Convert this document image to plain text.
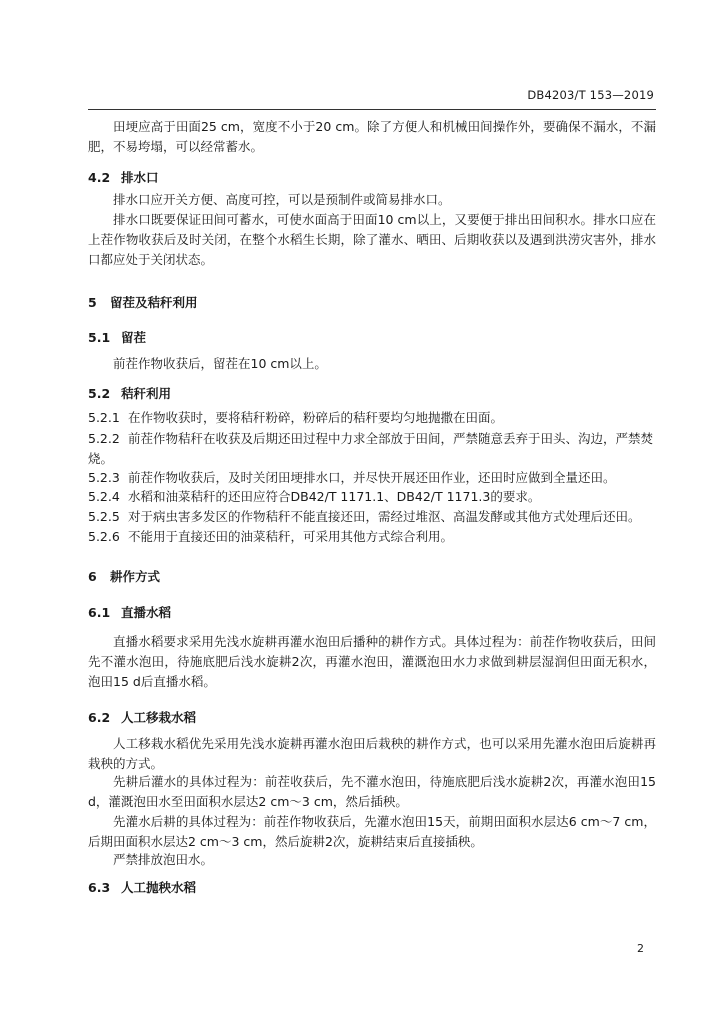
DB4203/T 153—2019
田埂应高于田面25 cm，宽度不小于20 cm。除了方便人和机械田间操作外，要确保不漏水，不漏肥，不易垮塌，可以经常蓄水。
4.2 排水口
排水口应开关方便、高度可控，可以是预制件或简易排水口。
排水口既要保证田间可蓄水，可使水面高于田面10 cm以上，又要便于排出田间积水。排水口应在上茬作物收获后及时关闭，在整个水稻生长期，除了灌水、晒田、后期收获以及遇到洪涝灾害外，排水口都应处于关闭状态。
5 留茬及秸秆利用
5.1 留茬
前茬作物收获后，留茬在10 cm以上。
5.2 秸秆利用
5.2.1 在作物收获时，要将秸秆粉碎，粉碎后的秸秆要均匀地抛撒在田面。
5.2.2 前茬作物秸秆在收获及后期还田过程中力求全部放于田间，严禁随意丢弃于田头、沟边，严禁焚烧。
5.2.3 前茬作物收获后，及时关闭田埂排水口，并尽快开展还田作业，还田时应做到全量还田。
5.2.4 水稻和油菜秸秆的还田应符合DB42/T 1171.1、DB42/T 1171.3的要求。
5.2.5 对于病虫害多发区的作物秸秆不能直接还田，需经过堆沤、高温发酵或其他方式处理后还田。
5.2.6 不能用于直接还田的油菜秸秆，可采用其他方式综合利用。
6 耕作方式
6.1 直播水稻
直播水稻要求采用先浅水旋耕再灌水泡田后播种的耕作方式。具体过程为：前茬作物收获后，田间先不灌水泡田，待施底肥后浅水旋耕2次，再灌水泡田，灌溉泡田水力求做到耕层湿润但田面无积水，泡田15 d后直播水稻。
6.2 人工移栽水稻
人工移栽水稻优先采用先浅水旋耕再灌水泡田后栽秧的耕作方式，也可以采用先灌水泡田后旋耕再栽秧的方式。
先耕后灌水的具体过程为：前茬收获后，先不灌水泡田，待施底肥后浅水旋耕2次，再灌水泡田15 d，灌溉泡田水至田面积水层达2 cm～3 cm，然后插秧。
先灌水后耕的具体过程为：前茬作物收获后，先灌水泡田15天，前期田面积水层达6 cm～7 cm，后期田面积水层达2 cm～3 cm，然后旋耕2次，旋耕结束后直接插秧。
严禁排放泡田水。
6.3 人工抛秧水稻
2
